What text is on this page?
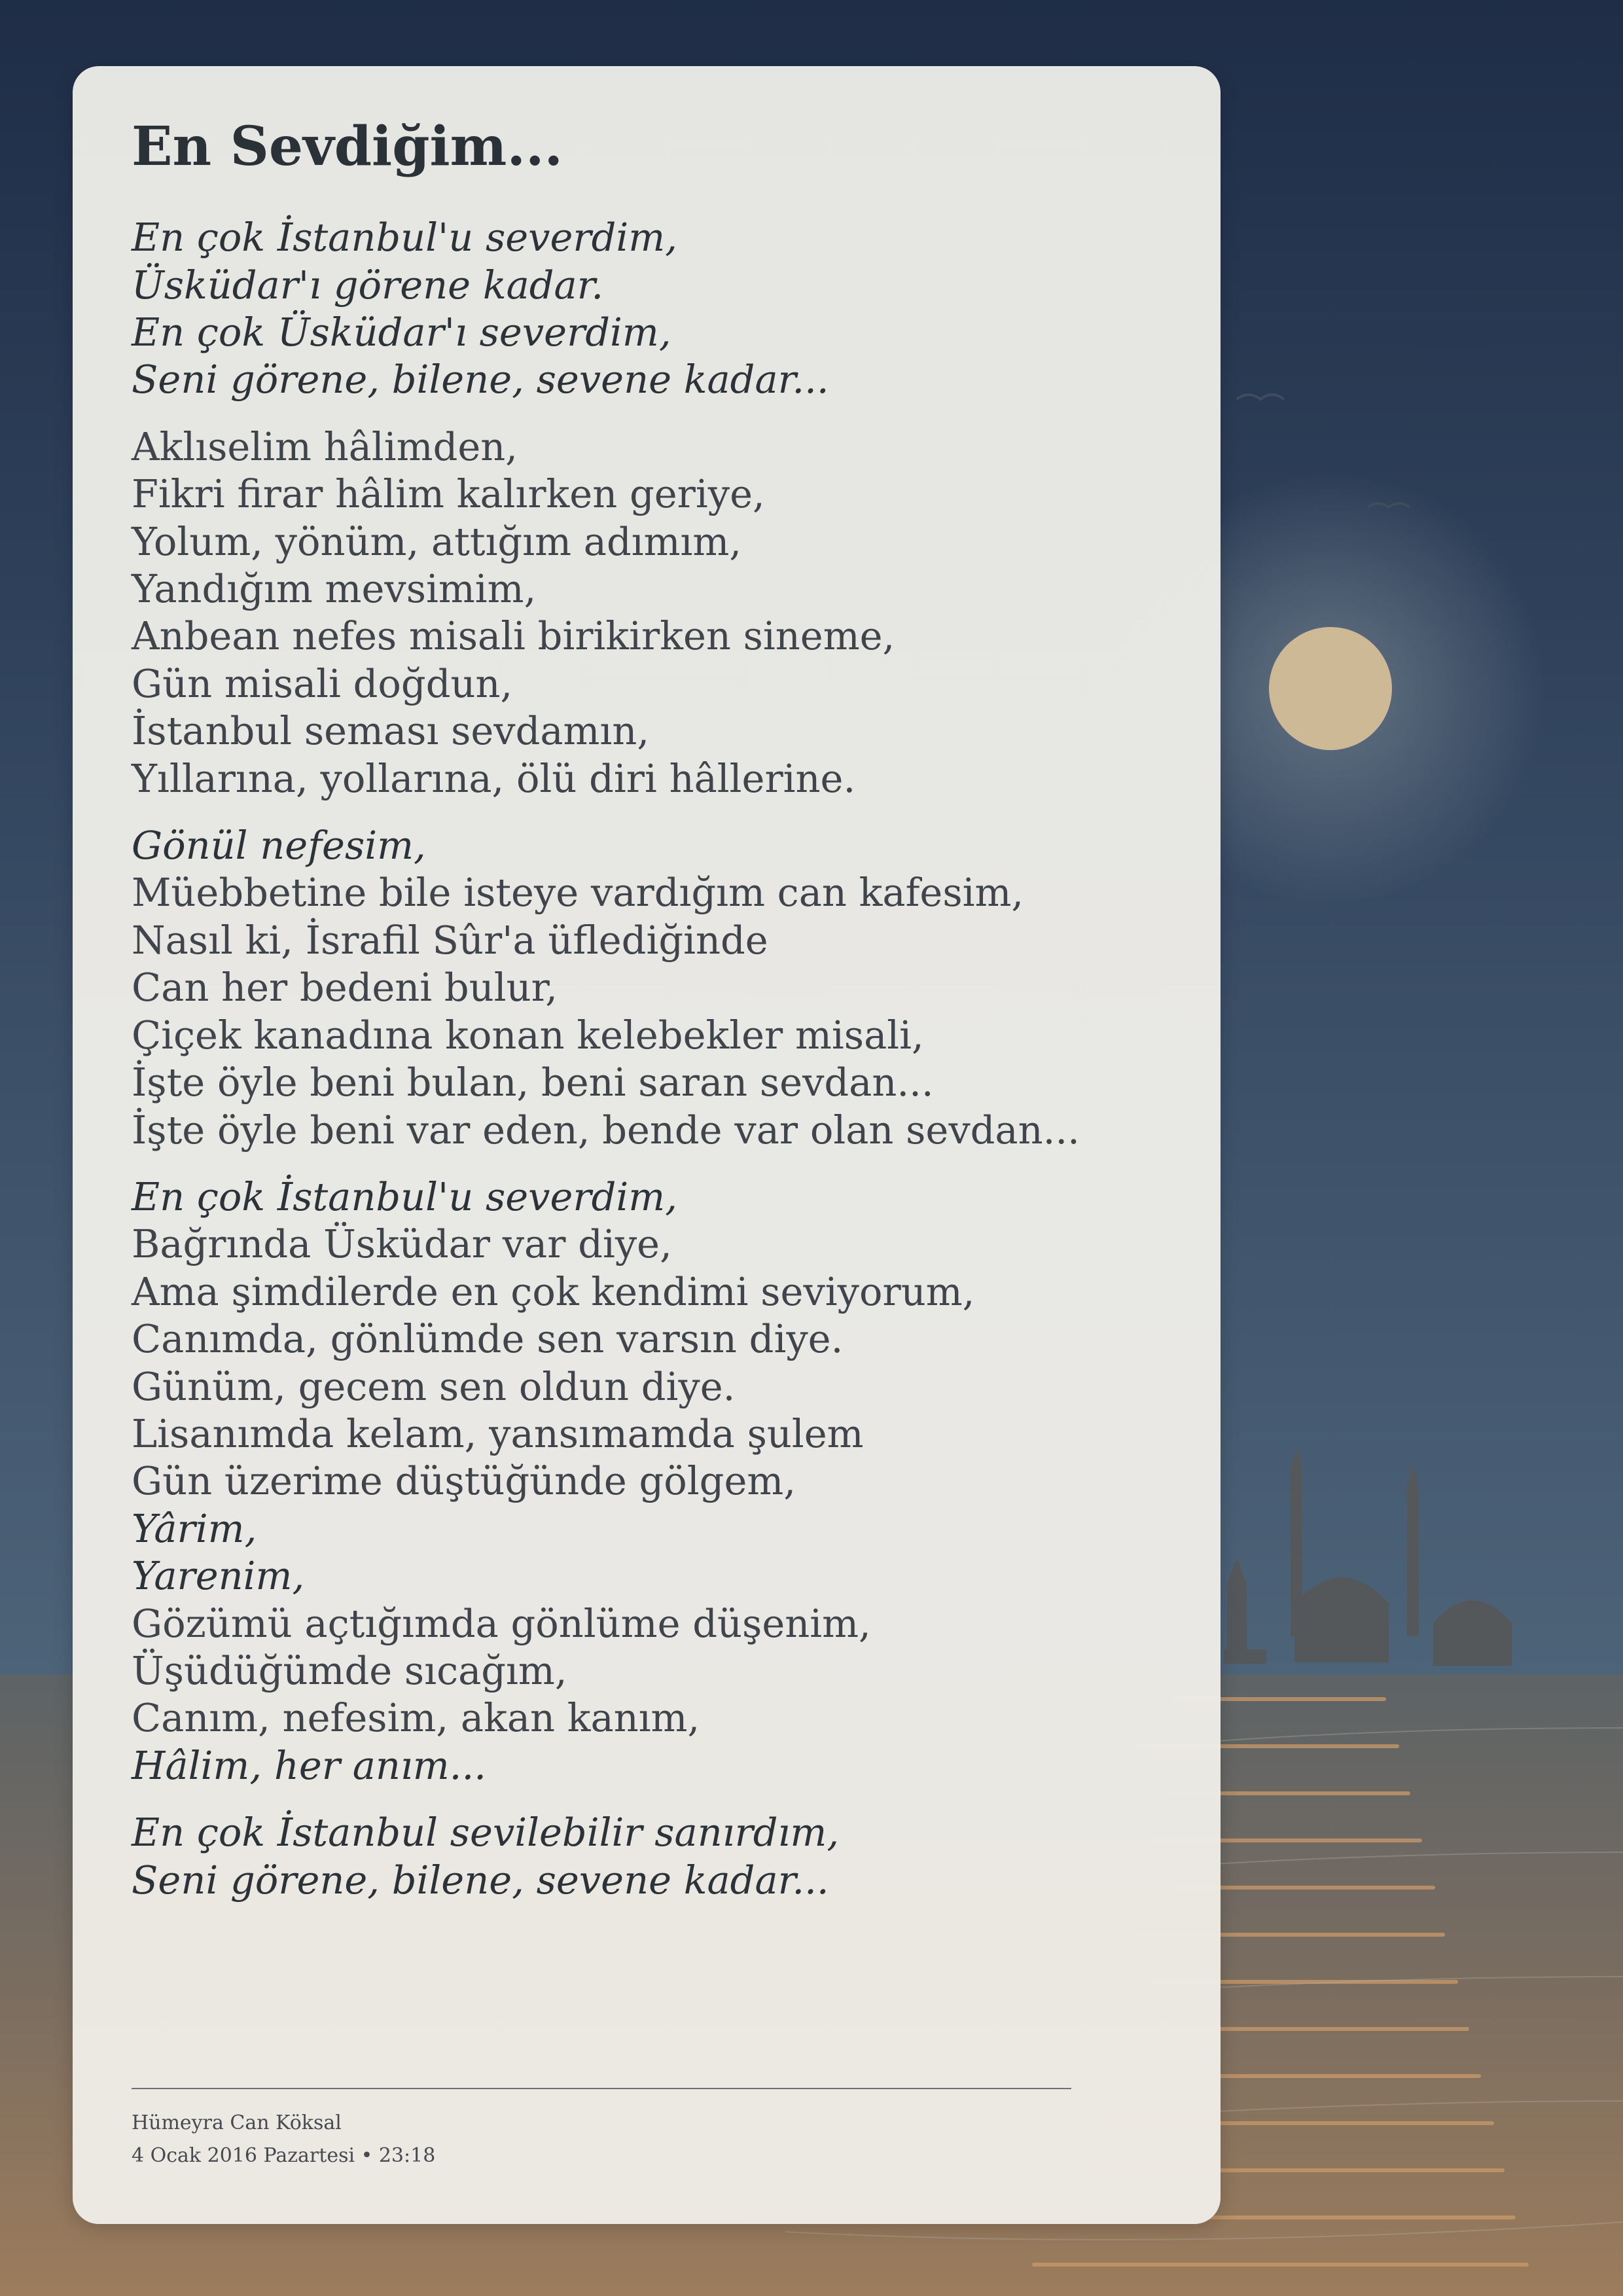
En Sevdiğim...
En çok İstanbul'u severdim,
Üsküdar'ı görene kadar.
En çok Üsküdar'ı severdim,
Seni görene, bilene, sevene kadar...
Aklıselim hâlimden,
Fikri firar hâlim kalırken geriye,
Yolum, yönüm, attığım adımım,
Yandığım mevsimim,
Anbean nefes misali birikirken sineme,
Gün misali doğdun,
İstanbul seması sevdamın,
Yıllarına, yollarına, ölü diri hâllerine.
Gönül nefesim,
Müebbetine bile isteye vardığım can kafesim,
Nasıl ki, İsrafil Sûr'a üflediğinde
Can her bedeni bulur,
Çiçek kanadına konan kelebekler misali,
İşte öyle beni bulan, beni saran sevdan...
İşte öyle beni var eden, bende var olan sevdan...
En çok İstanbul'u severdim,
Bağrında Üsküdar var diye,
Ama şimdilerde en çok kendimi seviyorum,
Canımda, gönlümde sen varsın diye.
Günüm, gecem sen oldun diye.
Lisanımda kelam, yansımamda şulem
Gün üzerime düştüğünde gölgem,
Yârim,
Yarenim,
Gözümü açtığımda gönlüme düşenim,
Üşüdüğümde sıcağım,
Canım, nefesim, akan kanım,
Hâlim, her anım...
En çok İstanbul sevilebilir sanırdım,
Seni görene, bilene, sevene kadar...
Hümeyra Can Köksal
4 Ocak 2016 Pazartesi • 23:18
